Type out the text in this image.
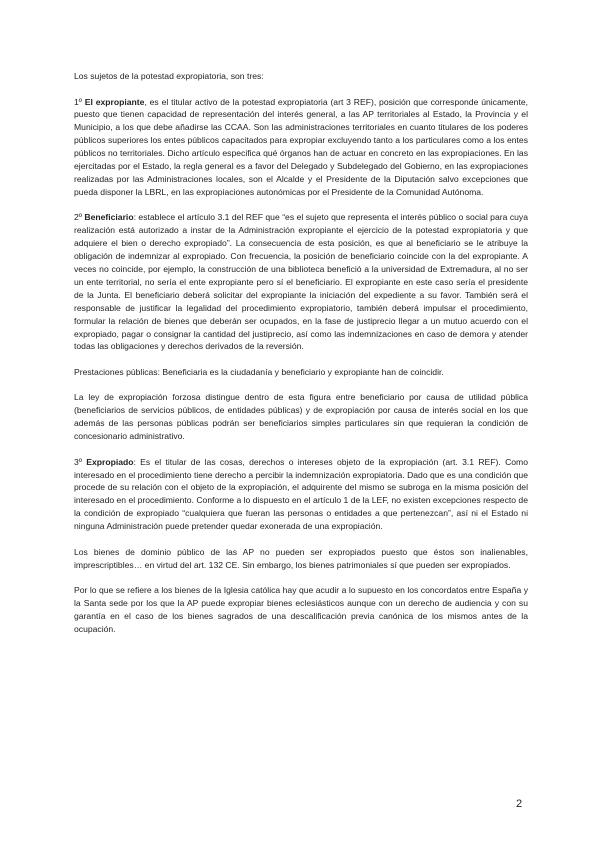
Los sujetos de la potestad expropiatoria, son tres:

1º El expropiante, es el titular activo de la potestad expropiatoria (art 3 REF), posición que corresponde únicamente, puesto que tienen capacidad de representación del interés general, a las AP territoriales al Estado, la Provincia y el Municipio, a los que debe añadirse las CCAA. Son las administraciones territoriales en cuanto titulares de los poderes públicos superiores los entes públicos capacitados para expropiar excluyendo tanto a los particulares como a los entes públicos no territoriales. Dicho artículo especifica qué órganos han de actuar en concreto en las expropiaciones. En las ejercitadas por el Estado, la regla general es a favor del Delegado y Subdelegado del Gobierno, en las expropiaciones realizadas por las Administraciones locales, son el Alcalde y el Presidente de la Diputación salvo excepciones que pueda disponer la LBRL, en las expropiaciones autonómicas por el Presidente de la Comunidad Autónoma.

2º Beneficiario: establece el artículo 3.1 del REF que “es el sujeto que representa el interés público o social para cuya realización está autorizado a instar de la Administración expropiante el ejercicio de la potestad expropiatoria y que adquiere el bien o derecho expropiado”. La consecuencia de esta posición, es que al beneficiario se le atribuye la obligación de indemnizar al expropiado. Con frecuencia, la posición de beneficiario coincide con la del expropiante. A veces no coincide, por ejemplo, la construcción de una biblioteca benefició a la universidad de Extremadura, al no ser un ente territorial, no sería el ente expropiante pero sí el beneficiario. El expropiante en este caso sería el presidente de la Junta. El beneficiario deberá solicitar del expropiante la iniciación del expediente a su favor. También será el responsable de justificar la legalidad del procedimiento expropiatorio, también deberá impulsar el procedimiento, formular la relación de bienes que deberán ser ocupados, en la fase de justiprecio llegar a un mutuo acuerdo con el expropiado, pagar o consignar la cantidad del justiprecio, así como las indemnizaciones en caso de demora y atender todas las obligaciones y derechos derivados de la reversión.

Prestaciones públicas: Beneficiaria es la ciudadanía y beneficiario y expropiante han de coincidir.

La ley de expropiación forzosa distingue dentro de esta figura entre beneficiario por causa de utilidad pública (beneficiarios de servicios públicos, de entidades públicas) y de expropiación por causa de interés social en los que además de las personas públicas podrán ser beneficiarios simples particulares sin que requieran la condición de concesionario administrativo.

3º Expropiado: Es el titular de las cosas, derechos o intereses objeto de la expropiación (art. 3.1 REF). Como interesado en el procedimiento tiene derecho a percibir la indemnización expropiatoria. Dado que es una condición que procede de su relación con el objeto de la expropiación, el adquirente del mismo se subroga en la misma posición del interesado en el procedimiento. Conforme a lo dispuesto en el artículo 1 de la LEF, no existen excepciones respecto de la condición de expropiado “cualquiera que fueran las personas o entidades a que pertenezcan”, así ni el Estado ni ninguna Administración puede pretender quedar exonerada de una expropiación.

Los bienes de dominio público de las AP no pueden ser expropiados puesto que éstos son inalienables, imprescriptibles… en virtud del art. 132 CE. Sin embargo, los bienes patrimoniales sí que pueden ser expropiados.

Por lo que se refiere a los bienes de la Iglesia católica hay que acudir a lo supuesto en los concordatos entre España y la Santa sede por los que la AP puede expropiar bienes eclesiásticos aunque con un derecho de audiencia y con su garantía en el caso de los bienes sagrados de una descalificación previa canónica de los mismos antes de la ocupación.

2
